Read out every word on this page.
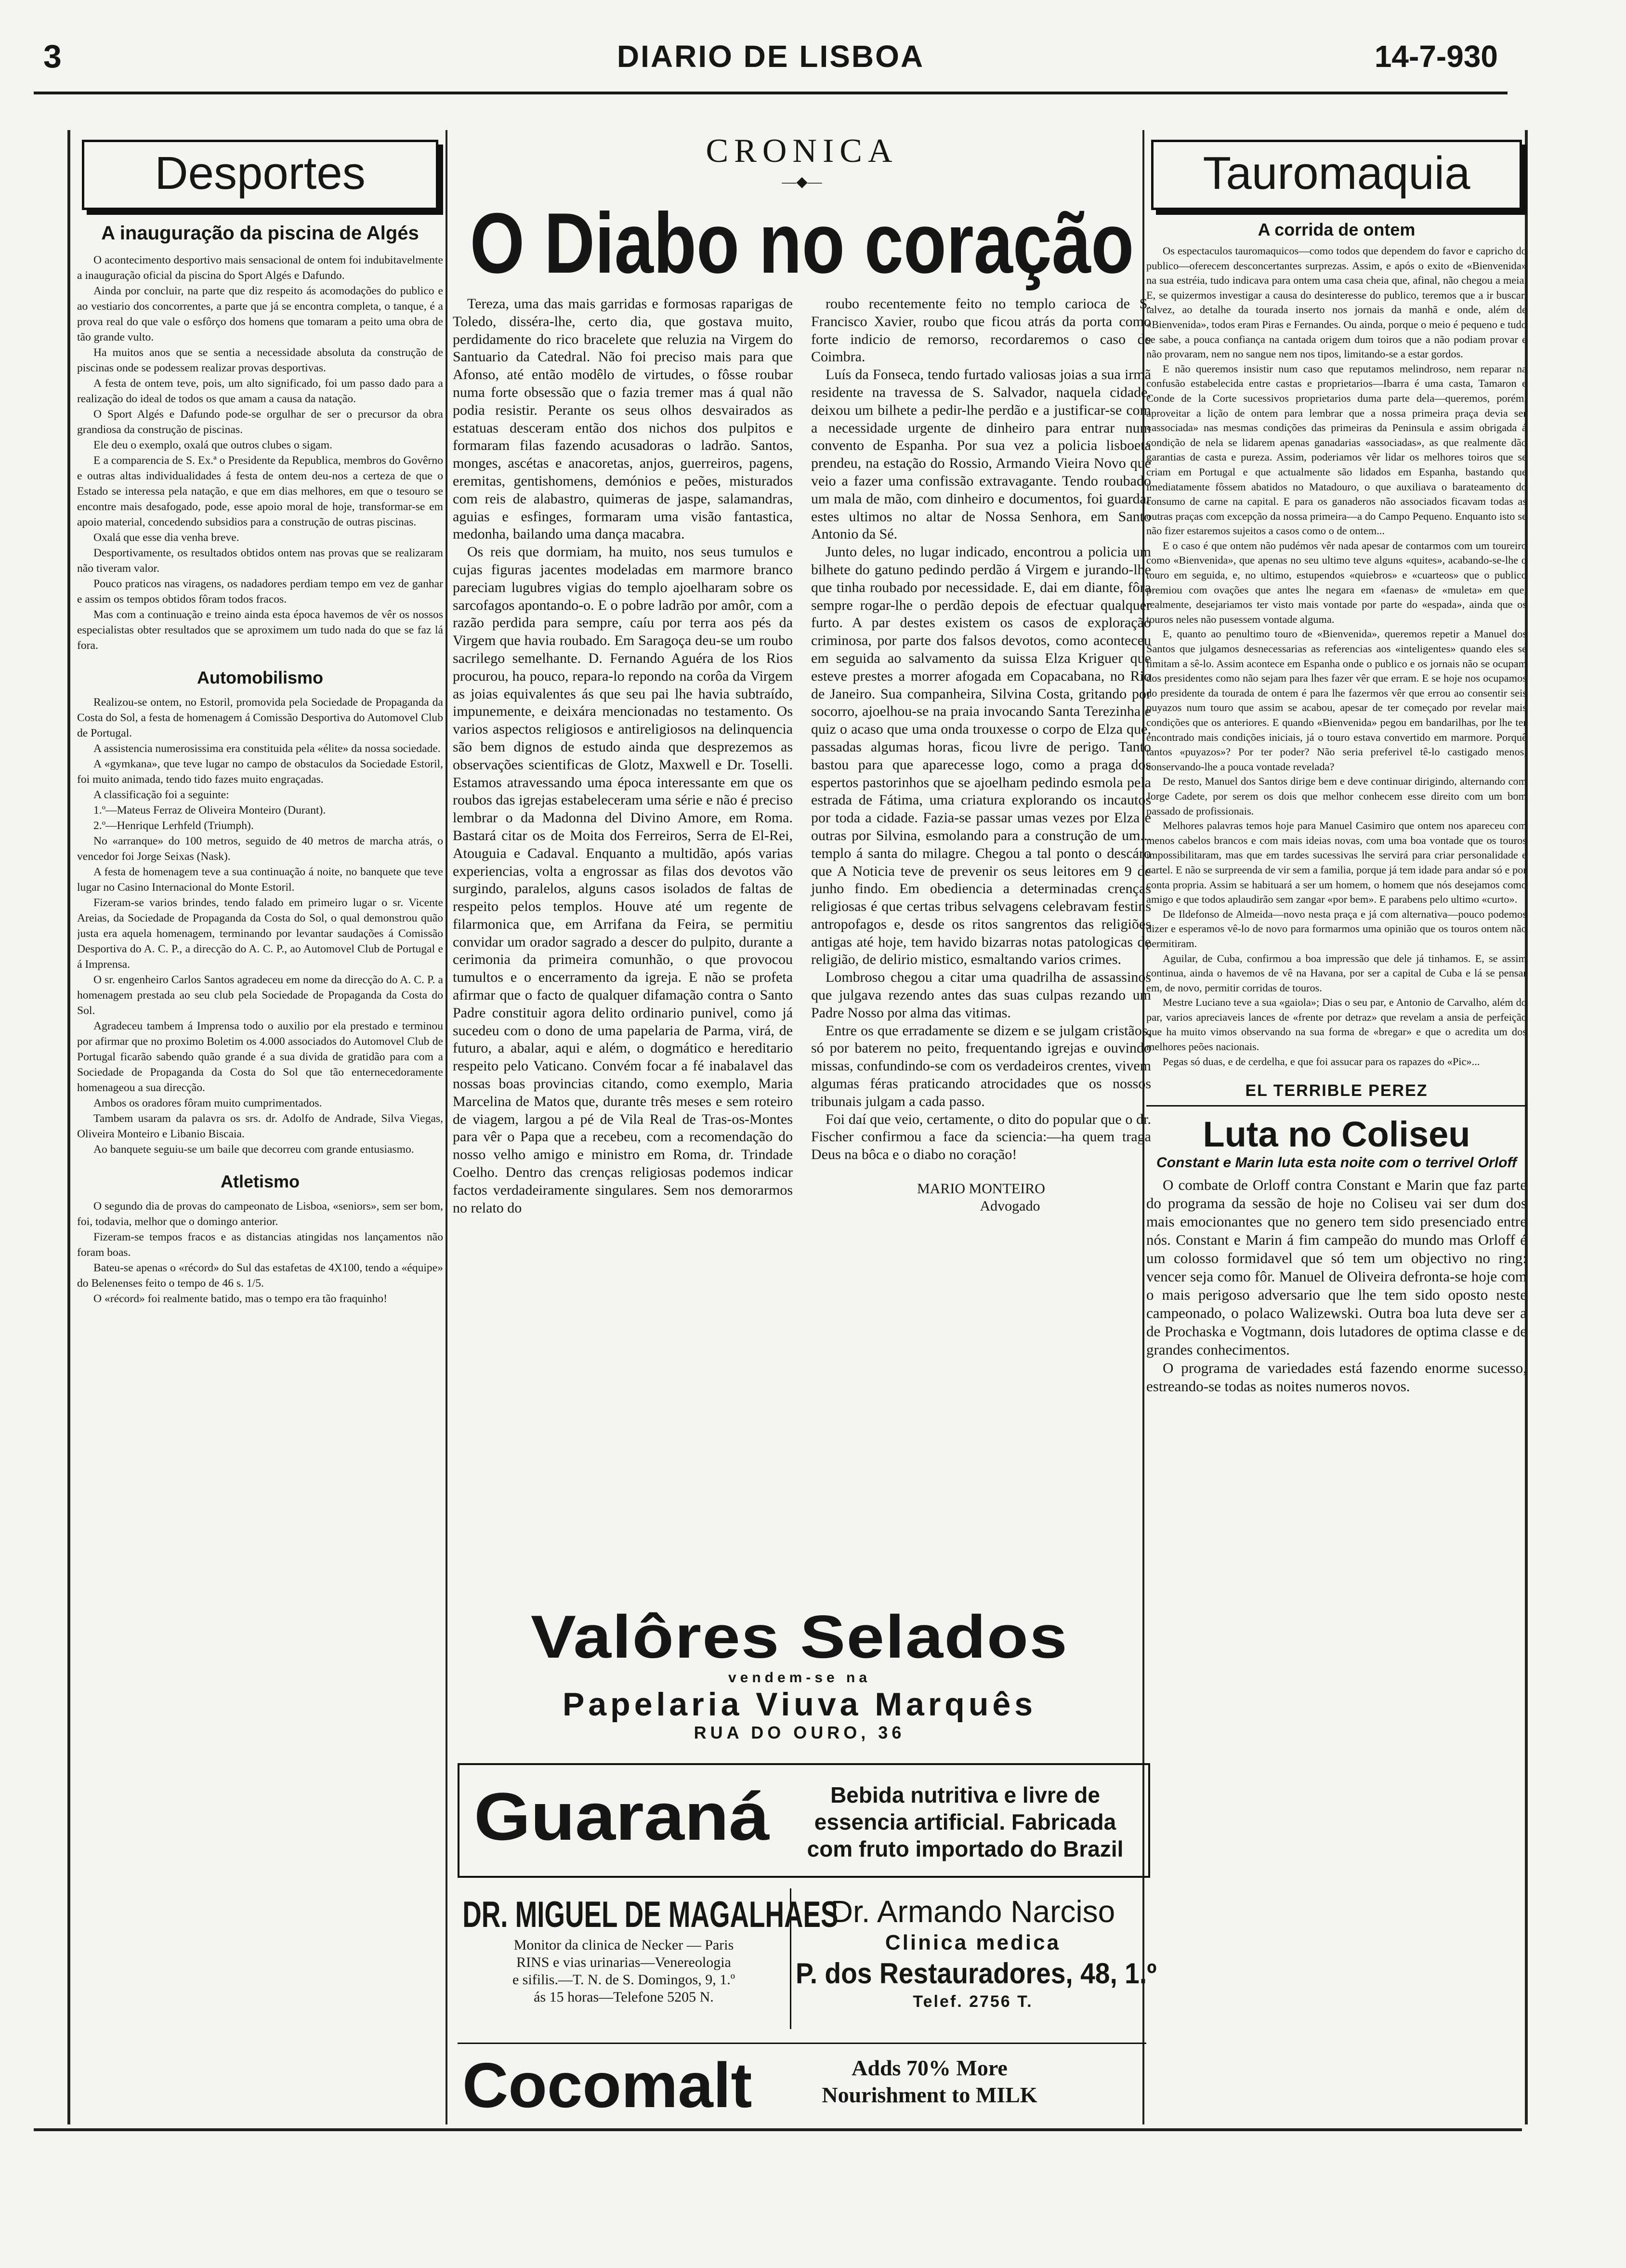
3	DIARIO DE LISBOA	14-7-930
Desportes
A inauguração da piscina de Algés

O acontecimento desportivo mais sensacional de ontem foi indubitavelmente a inauguração oficial da piscina do Sport Algés e Dafundo.

Ainda por concluir, na parte que diz respeito ás acomodações do publico e ao vestiario dos concorrentes, a parte que já se encontra completa, o tanque, é a prova real do que vale o esfôrço dos homens que tomaram a peito uma obra de tão grande vulto.

Ha muitos anos que se sentia a necessidade absoluta da construção de piscinas onde se podessem realizar provas desportivas.

A festa de ontem teve, pois, um alto significado, foi um passo dado para a realização do ideal de todos os que amam a causa da natação.

O Sport Algés e Dafundo pode-se orgulhar de ser o precursor da obra grandiosa da construção de piscinas.

Ele deu o exemplo, oxalá que outros clubes o sigam.

E a comparencia de S. Ex.ª o Presidente da Republica, membros do Govêrno e outras altas individualidades á festa de ontem deu-nos a certeza de que o Estado se interessa pela natação, e que em dias melhores, em que o tesouro se encontre mais desafogado, pode, esse apoio moral de hoje, transformar-se em apoio material, concedendo subsidios para a construção de outras piscinas.

Oxalá que esse dia venha breve.

Desportivamente, os resultados obtidos ontem nas provas que se realizaram não tiveram valor.

Pouco praticos nas viragens, os nadadores perdiam tempo em vez de ganhar e assim os tempos obtidos fôram todos fracos.

Mas com a continuação e treino ainda esta época havemos de vêr os nossos especialistas obter resultados que se aproximem um tudo nada do que se faz lá fora.

Automobilismo

Realizou-se ontem, no Estoril, promovida pela Sociedade de Propaganda da Costa do Sol, a festa de homenagem á Comissão Desportiva do Automovel Club de Portugal.

A assistencia numerosissima era constituida pela «élite» da nossa sociedade.

A «gymkana», que teve lugar no campo de obstaculos da Sociedade Estoril, foi muito animada, tendo tido fazes muito engraçadas.

A classificação foi a seguinte:

1.º—Mateus Ferraz de Oliveira Monteiro (Durant).

2.º—Henrique Lerhfeld (Triumph).

No «arranque» do 100 metros, seguido de 40 metros de marcha atrás, o vencedor foi Jorge Seixas (Nask).

A festa de homenagem teve a sua continuação á noite, no banquete que teve lugar no Casino Internacional do Monte Estoril.

Fizeram-se varios brindes, tendo falado em primeiro lugar o sr. Vicente Areias, da Sociedade de Propaganda da Costa do Sol, o qual demonstrou quão justa era aquela homenagem, terminando por levantar saudações á Comissão Desportiva do A. C. P., a direcção do A. C. P., ao Automovel Club de Portugal e á Imprensa.

O sr. engenheiro Carlos Santos agradeceu em nome da direcção do A. C. P. a homenagem prestada ao seu club pela Sociedade de Propaganda da Costa do Sol.

Agradeceu tambem á Imprensa todo o auxilio por ela prestado e terminou por afirmar que no proximo Boletim os 4.000 associados do Automovel Club de Portugal ficarão sabendo quão grande é a sua divida de gratidão para com a Sociedade de Propaganda da Costa do Sol que tão enternecedoramente homenageou a sua direcção.

Ambos os oradores fôram muito cumprimentados.

Tambem usaram da palavra os srs. dr. Adolfo de Andrade, Silva Viegas, Oliveira Monteiro e Libanio Biscaia.

Ao banquete seguiu-se um baile que decorreu com grande entusiasmo.

Atletismo

O segundo dia de provas do campeonato de Lisboa, «seniors», sem ser bom, foi, todavia, melhor que o domingo anterior.

Fizeram-se tempos fracos e as distancias atingidas nos lançamentos não foram boas.

Bateu-se apenas o «récord» do Sul das estafetas de 4X100, tendo a «équipe» do Belenenses feito o tempo de 46 s. 1/5.

O «récord» foi realmente batido, mas o tempo era tão fraquinho!

CRONICA
—◆—
O Diabo no coração

Tereza, uma das mais garridas e formosas raparigas de Toledo, disséra-lhe, certo dia, que gostava muito, perdidamente do rico bracelete que reluzia na Virgem do Santuario da Catedral. Não foi preciso mais para que Afonso, até então modêlo de virtudes, o fôsse roubar numa forte obsessão que o fazia tremer mas á qual não podia resistir. Perante os seus olhos desvairados as estatuas desceram então dos nichos dos pulpitos e formaram filas fazendo acusadoras o ladrão. Santos, monges, ascétas e anacoretas, anjos, guerreiros, pagens, eremitas, gentishomens, demónios e peões, misturados com reis de alabastro, quimeras de jaspe, salamandras, aguias e esfinges, formaram uma visão fantastica, medonha, bailando uma dança macabra.

Os reis que dormiam, ha muito, nos seus tumulos e cujas figuras jacentes modeladas em marmore branco pareciam lugubres vigias do templo ajoelharam sobre os sarcofagos apontando-o. E o pobre ladrão por amôr, com a razão perdida para sempre, caíu por terra aos pés da Virgem que havia roubado. Em Saragoça deu-se um roubo sacrilego semelhante. D. Fernando Aguéra de los Rios procurou, ha pouco, repara-lo repondo na corôa da Virgem as joias equivalentes ás que seu pai lhe havia subtraído, impunemente, e deixára mencionadas no testamento. Os varios aspectos religiosos e antireligiosos na delinquencia são bem dignos de estudo ainda que desprezemos as observações scientificas de Glotz, Maxwell e Dr. Toselli. Estamos atravessando uma época interessante em que os roubos das igrejas estabeleceram uma série e não é preciso lembrar o da Madonna del Divino Amore, em Roma. Bastará citar os de Moita dos Ferreiros, Serra de El-Rei, Atouguia e Cadaval. Enquanto a multidão, após varias experiencias, volta a engrossar as filas dos devotos vão surgindo, paralelos, alguns casos isolados de faltas de respeito pelos templos. Houve até um regente de filarmonica que, em Arrifana da Feira, se permitiu convidar um orador sagrado a descer do pulpito, durante a cerimonia da primeira comunhão, o que provocou tumultos e o encerramento da igreja. E não se profeta afirmar que o facto de qualquer difamação contra o Santo Padre constituir agora delito ordinario punivel, como já sucedeu com o dono de uma papelaria de Parma, virá, de futuro, a abalar, aqui e além, o dogmático e hereditario respeito pelo Vaticano. Convém focar a fé inabalavel das nossas boas provincias citando, como exemplo, Maria Marcelina de Matos que, durante três meses e sem roteiro de viagem, largou a pé de Vila Real de Tras-os-Montes para vêr o Papa que a recebeu, com a recomendação do nosso velho amigo e ministro em Roma, dr. Trindade Coelho. Dentro das crenças religiosas podemos indicar factos verdadeiramente singulares. Sem nos demorarmos no relato do

roubo recentemente feito no templo carioca de S. Francisco Xavier, roubo que ficou atrás da porta como forte indicio de remorso, recordaremos o caso de Coimbra.

Luís da Fonseca, tendo furtado valiosas joias a sua irmã residente na travessa de S. Salvador, naquela cidade, deixou um bilhete a pedir-lhe perdão e a justificar-se com a necessidade urgente de dinheiro para entrar num convento de Espanha. Por sua vez a policia lisboeta prendeu, na estação do Rossio, Armando Vieira Novo que veio a fazer uma confissão extravagante. Tendo roubado um mala de mão, com dinheiro e documentos, foi guardar estes ultimos no altar de Nossa Senhora, em Santo Antonio da Sé.

Junto deles, no lugar indicado, encontrou a policia um bilhete do gatuno pedindo perdão á Virgem e jurando-lhe que tinha roubado por necessidade. E, dai em diante, fôra sempre rogar-lhe o perdão depois de efectuar qualquer furto. A par destes existem os casos de exploração criminosa, por parte dos falsos devotos, como aconteceu em seguida ao salvamento da suissa Elza Kriguer que esteve prestes a morrer afogada em Copacabana, no Rio de Janeiro. Sua companheira, Silvina Costa, gritando por socorro, ajoelhou-se na praia invocando Santa Terezinha e quiz o acaso que uma onda trouxesse o corpo de Elza que, passadas algumas horas, ficou livre de perigo. Tanto bastou para que aparecesse logo, como a praga dos espertos pastorinhos que se ajoelham pedindo esmola pela estrada de Fátima, uma criatura explorando os incautos por toda a cidade. Fazia-se passar umas vezes por Elza e outras por Silvina, esmolando para a construção de um... templo á santa do milagre. Chegou a tal ponto o descáro que A Noticia teve de prevenir os seus leitores em 9 de junho findo. Em obediencia a determinadas crenças religiosas é que certas tribus selvagens celebravam festins antropofagos e, desde os ritos sangrentos das religiões antigas até hoje, tem havido bizarras notas patologicas de religião, de delirio mistico, esmaltando varios crimes.

Lombroso chegou a citar uma quadrilha de assassinos que julgava rezendo antes das suas culpas rezando um Padre Nosso por alma das vitimas.

Entre os que erradamente se dizem e se julgam cristãos, só por baterem no peito, frequentando igrejas e ouvindo missas, confundindo-se com os verdadeiros crentes, vivem algumas féras praticando atrocidades que os nossos tribunais julgam a cada passo.

Foi daí que veio, certamente, o dito do popular que o dr. Fischer confirmou a face da sciencia:—ha quem traga Deus na bôca e o diabo no coração!

MARIO MONTEIRO
Advogado
Valôres Selados
vendem-se na
Papelaria Viuva Marquês
RUA DO OURO, 36
Guaraná	Bebida nutritiva e livre de essencia artificial. Fabricada com fruto importado do Brazil
DR. MIGUEL DE MAGALHAES
Monitor da clinica de Necker — Paris
RINS e vias urinarias—Venereologia
e sifilis.—T. N. de S. Domingos, 9, 1.º
ás 15 horas—Telefone 5205 N.
Dr. Armando Narciso
Clinica medica
P. dos Restauradores, 48, 1.º
Telef. 2756 T.
Cocomalt	Adds 70% More
Nourishment to MILK
Tauromaquia
A corrida de ontem

Os espectaculos tauromaquicos—como todos que dependem do favor e capricho do publico—oferecem desconcertantes surprezas. Assim, e após o exito de «Bienvenida» na sua estréia, tudo indicava para ontem uma casa cheia que, afinal, não chegou a meia. E, se quizermos investigar a causa do desinteresse do publico, teremos que a ir buscar, talvez, ao detalhe da tourada inserto nos jornais da manhã e onde, além de «Bienvenida», todos eram Piras e Fernandes. Ou ainda, porque o meio é pequeno e tudo se sabe, a pouca confiança na cantada origem dum toiros que a não podiam provar e não provaram, nem no sangue nem nos tipos, limitando-se a estar gordos.

E não queremos insistir num caso que reputamos melindroso, nem reparar na confusão estabelecida entre castas e proprietarios—Ibarra é uma casta, Tamaron e Conde de la Corte sucessivos proprietarios duma parte dela—queremos, porém, aproveitar a lição de ontem para lembrar que a nossa primeira praça devia ser «associada» nas mesmas condições das primeiras da Peninsula e assim obrigada á condição de nela se lidarem apenas ganadarias «associadas», as que realmente dão garantias de casta e pureza. Assim, poderiamos vêr lidar os melhores toiros que se criam em Portugal e que actualmente são lidados em Espanha, bastando que imediatamente fôssem abatidos no Matadouro, o que auxiliava o barateamento do consumo de carne na capital. E para os ganaderos não associados ficavam todas as outras praças com excepção da nossa primeira—a do Campo Pequeno. Enquanto isto se não fizer estaremos sujeitos a casos como o de ontem...

E o caso é que ontem não pudémos vêr nada apesar de contarmos com um toureiro como «Bienvenida», que apenas no seu ultimo teve alguns «quites», acabando-se-lhe o touro em seguida, e, no ultimo, estupendos «quiebros» e «cuarteos» que o publico premiou com ovações que antes lhe negara em «faenas» de «muleta» em que, realmente, desejariamos ter visto mais vontade por parte do «espada», ainda que os touros neles não pusessem vontade alguma.

E, quanto ao penultimo touro de «Bienvenida», queremos repetir a Manuel dos Santos que julgamos desnecessarias as referencias aos «inteligentes» quando eles se limitam a sê-lo. Assim acontece em Espanha onde o publico e os jornais não se ocupam dos presidentes como não sejam para lhes fazer vêr que erram. E se hoje nos ocupamos do presidente da tourada de ontem é para lhe fazermos vêr que errou ao consentir seis puyazos num touro que assim se acabou, apesar de ter começado por revelar mais condições que os anteriores. E quando «Bienvenida» pegou em bandarilhas, por lhe ter encontrado mais condições iniciais, já o touro estava convertido em marmore. Porquê tantos «puyazos»? Por ter poder? Não seria preferivel tê-lo castigado menos, conservando-lhe a pouca vontade revelada?

De resto, Manuel dos Santos dirige bem e deve continuar dirigindo, alternando com Jorge Cadete, por serem os dois que melhor conhecem esse direito com um bom passado de profissionais.

Melhores palavras temos hoje para Manuel Casimiro que ontem nos apareceu com menos cabelos brancos e com mais ideias novas, com uma boa vontade que os touros impossibilitaram, mas que em tardes sucessivas lhe servirá para criar personalidade e cartel. E não se surpreenda de vir sem a familia, porque já tem idade para andar só e por conta propria. Assim se habituará a ser um homem, o homem que nós desejamos como amigo e que todos aplaudirão sem zangar «por bem». E parabens pelo ultimo «curto».

De Ildefonso de Almeida—novo nesta praça e já com alternativa—pouco podemos dizer e esperamos vê-lo de novo para formarmos uma opinião que os touros ontem não permitiram.

Aguilar, de Cuba, confirmou a boa impressão que dele já tinhamos. E, se assim continua, ainda o havemos de vê na Havana, por ser a capital de Cuba e lá se pensar em, de novo, permitir corridas de touros.

Mestre Luciano teve a sua «gaiola»; Dias o seu par, e Antonio de Carvalho, além do par, varios apreciaveis lances de «frente por detraz» que revelam a ansia de perfeição que ha muito vimos observando na sua forma de «bregar» e que o acredita um dos melhores peões nacionais.

Pegas só duas, e de cerdelha, e que foi assucar para os rapazes do «Pic»...

EL TERRIBLE PEREZ
Luta no Coliseu
Constant e Marin luta esta noite com o terrivel Orloff

O combate de Orloff contra Constant e Marin que faz parte do programa da sessão de hoje no Coliseu vai ser dum dos mais emocionantes que no genero tem sido presenciado entre nós. Constant e Marin á fim campeão do mundo mas Orloff é um colosso formidavel que só tem um objectivo no ring: vencer seja como fôr. Manuel de Oliveira defronta-se hoje com o mais perigoso adversario que lhe tem sido oposto neste campeonado, o polaco Walizewski. Outra boa luta deve ser a de Prochaska e Vogtmann, dois lutadores de optima classe e de grandes conhecimentos.

O programa de variedades está fazendo enorme sucesso, estreando-se todas as noites numeros novos.
